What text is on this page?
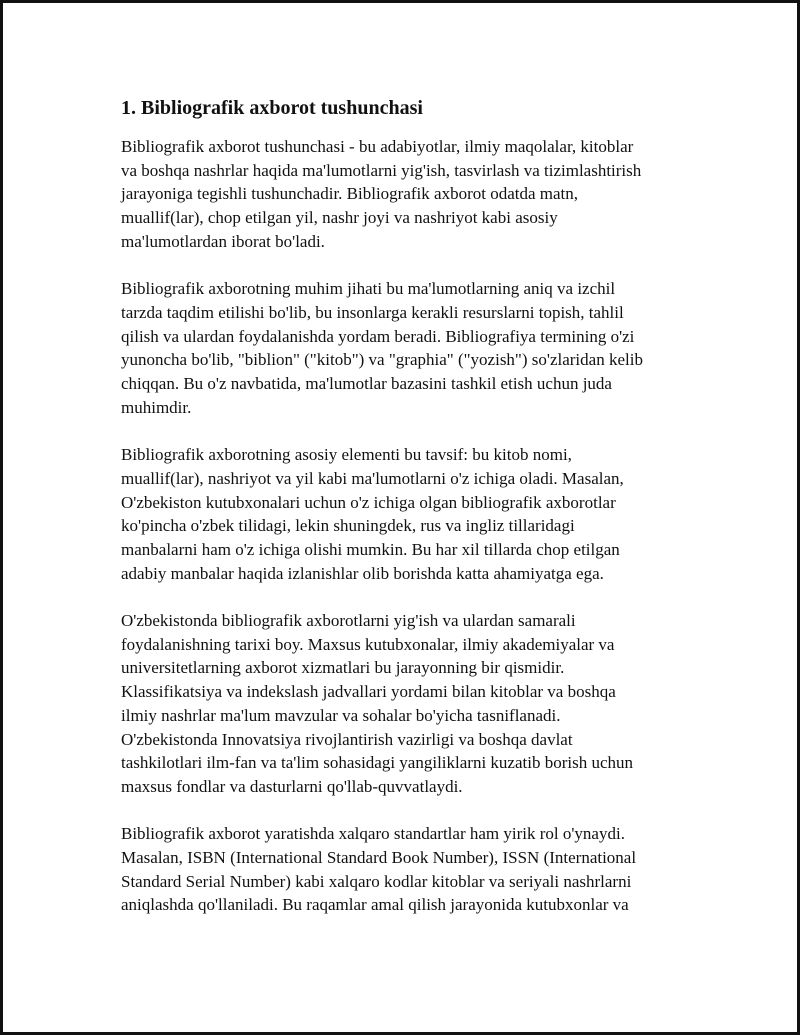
1. Bibliografik axborot tushunchasi
Bibliografik axborot tushunchasi - bu adabiyotlar, ilmiy maqolalar, kitoblar
va boshqa nashrlar haqida ma'lumotlarni yig'ish, tasvirlash va tizimlashtirish
jarayoniga tegishli tushunchadir. Bibliografik axborot odatda matn,
muallif(lar), chop etilgan yil, nashr joyi va nashriyot kabi asosiy
ma'lumotlardan iborat bo'ladi.
Bibliografik axborotning muhim jihati bu ma'lumotlarning aniq va izchil
tarzda taqdim etilishi bo'lib, bu insonlarga kerakli resurslarni topish, tahlil
qilish va ulardan foydalanishda yordam beradi. Bibliografiya termining o'zi
yunoncha bo'lib, "biblion" ("kitob") va "graphia" ("yozish") so'zlaridan kelib
chiqqan. Bu o'z navbatida, ma'lumotlar bazasini tashkil etish uchun juda
muhimdir.
Bibliografik axborotning asosiy elementi bu tavsif: bu kitob nomi,
muallif(lar), nashriyot va yil kabi ma'lumotlarni o'z ichiga oladi. Masalan,
O'zbekiston kutubxonalari uchun o'z ichiga olgan bibliografik axborotlar
ko'pincha o'zbek tilidagi, lekin shuningdek, rus va ingliz tillaridagi
manbalarni ham o'z ichiga olishi mumkin. Bu har xil tillarda chop etilgan
adabiy manbalar haqida izlanishlar olib borishda katta ahamiyatga ega.
O'zbekistonda bibliografik axborotlarni yig'ish va ulardan samarali
foydalanishning tarixi boy. Maxsus kutubxonalar, ilmiy akademiyalar va
universitetlarning axborot xizmatlari bu jarayonning bir qismidir.
Klassifikatsiya va indekslash jadvallari yordami bilan kitoblar va boshqa
ilmiy nashrlar ma'lum mavzular va sohalar bo'yicha tasniflanadi.
O'zbekistonda Innovatsiya rivojlantirish vazirligi va boshqa davlat
tashkilotlari ilm-fan va ta'lim sohasidagi yangiliklarni kuzatib borish uchun
maxsus fondlar va dasturlarni qo'llab-quvvatlaydi.
Bibliografik axborot yaratishda xalqaro standartlar ham yirik rol o'ynaydi.
Masalan, ISBN (International Standard Book Number), ISSN (International
Standard Serial Number) kabi xalqaro kodlar kitoblar va seriyali nashrlarni
aniqlashda qo'llaniladi. Bu raqamlar amal qilish jarayonida kutubxonlar va
